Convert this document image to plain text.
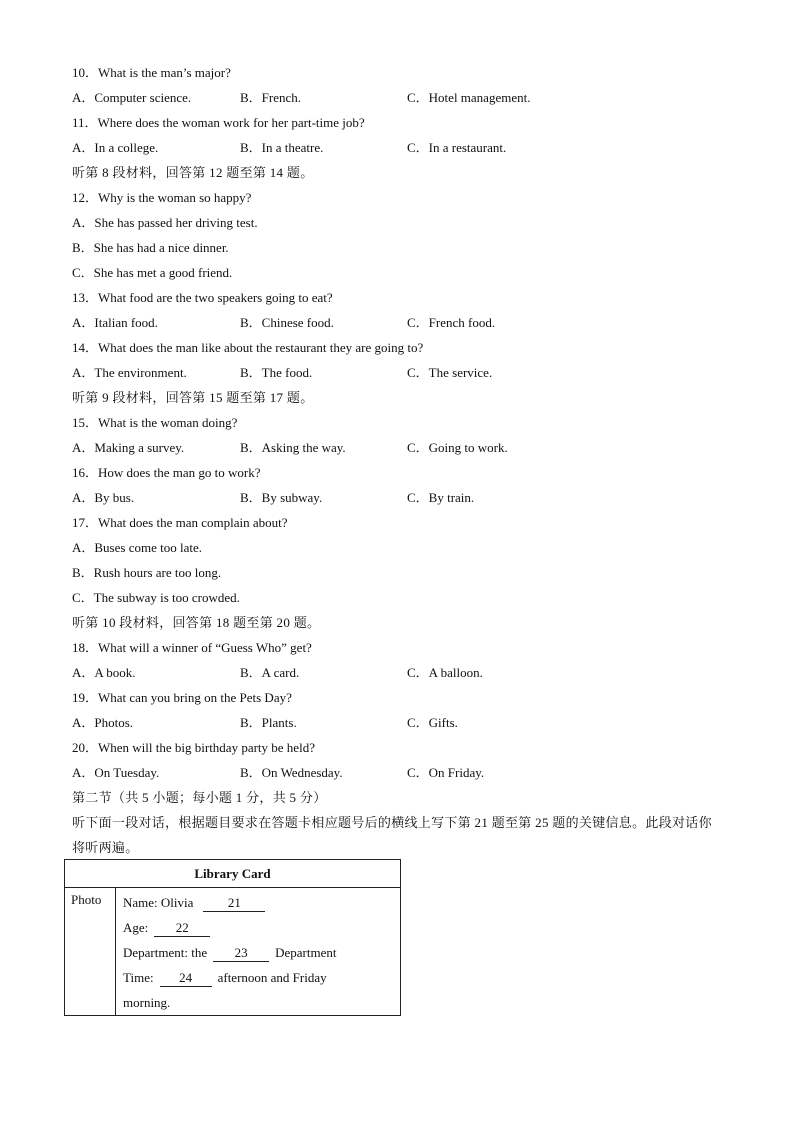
10．What is the man’s major?
A．Computer science.	B．French.	C．Hotel management.
11．Where does the woman work for her part-time job?
A．In a college.	B．In a theatre.	C．In a restaurant.
听第 8 段材料，回答第 12 题至第 14 题。
12．Why is the woman so happy?
A．She has passed her driving test.
B．She has had a nice dinner.
C．She has met a good friend.
13．What food are the two speakers going to eat?
A．Italian food.	B．Chinese food.	C．French food.
14．What does the man like about the restaurant they are going to?
A．The environment.	B．The food.	C．The service.
听第 9 段材料，回答第 15 题至第 17 题。
15．What is the woman doing?
A．Making a survey.	B．Asking the way.	C．Going to work.
16．How does the man go to work?
A．By bus.	B．By subway.	C．By train.
17．What does the man complain about?
A．Buses come too late.
B．Rush hours are too long.
C．The subway is too crowded.
听第 10 段材料，回答第 18 题至第 20 题。
18．What will a winner of “Guess Who” get?
A．A book.	B．A card.	C．A balloon.
19．What can you bring on the Pets Day?
A．Photos.	B．Plants.	C．Gifts.
20．When will the big birthday party be held?
A．On Tuesday.	B．On Wednesday.	C．On Friday.
第二节（共 5 小题；每小题 1 分，共 5 分）
听下面一段对话，根据题目要求在答题卡相应题号后的横线上写下第 21 题至第 25 题的关键信息。此段对话你将听两遍。
Library Card
Photo	Name: Olivia	21
Age: 22
Department: the 23 Department
Time: 24 afternoon and Friday
morning.
